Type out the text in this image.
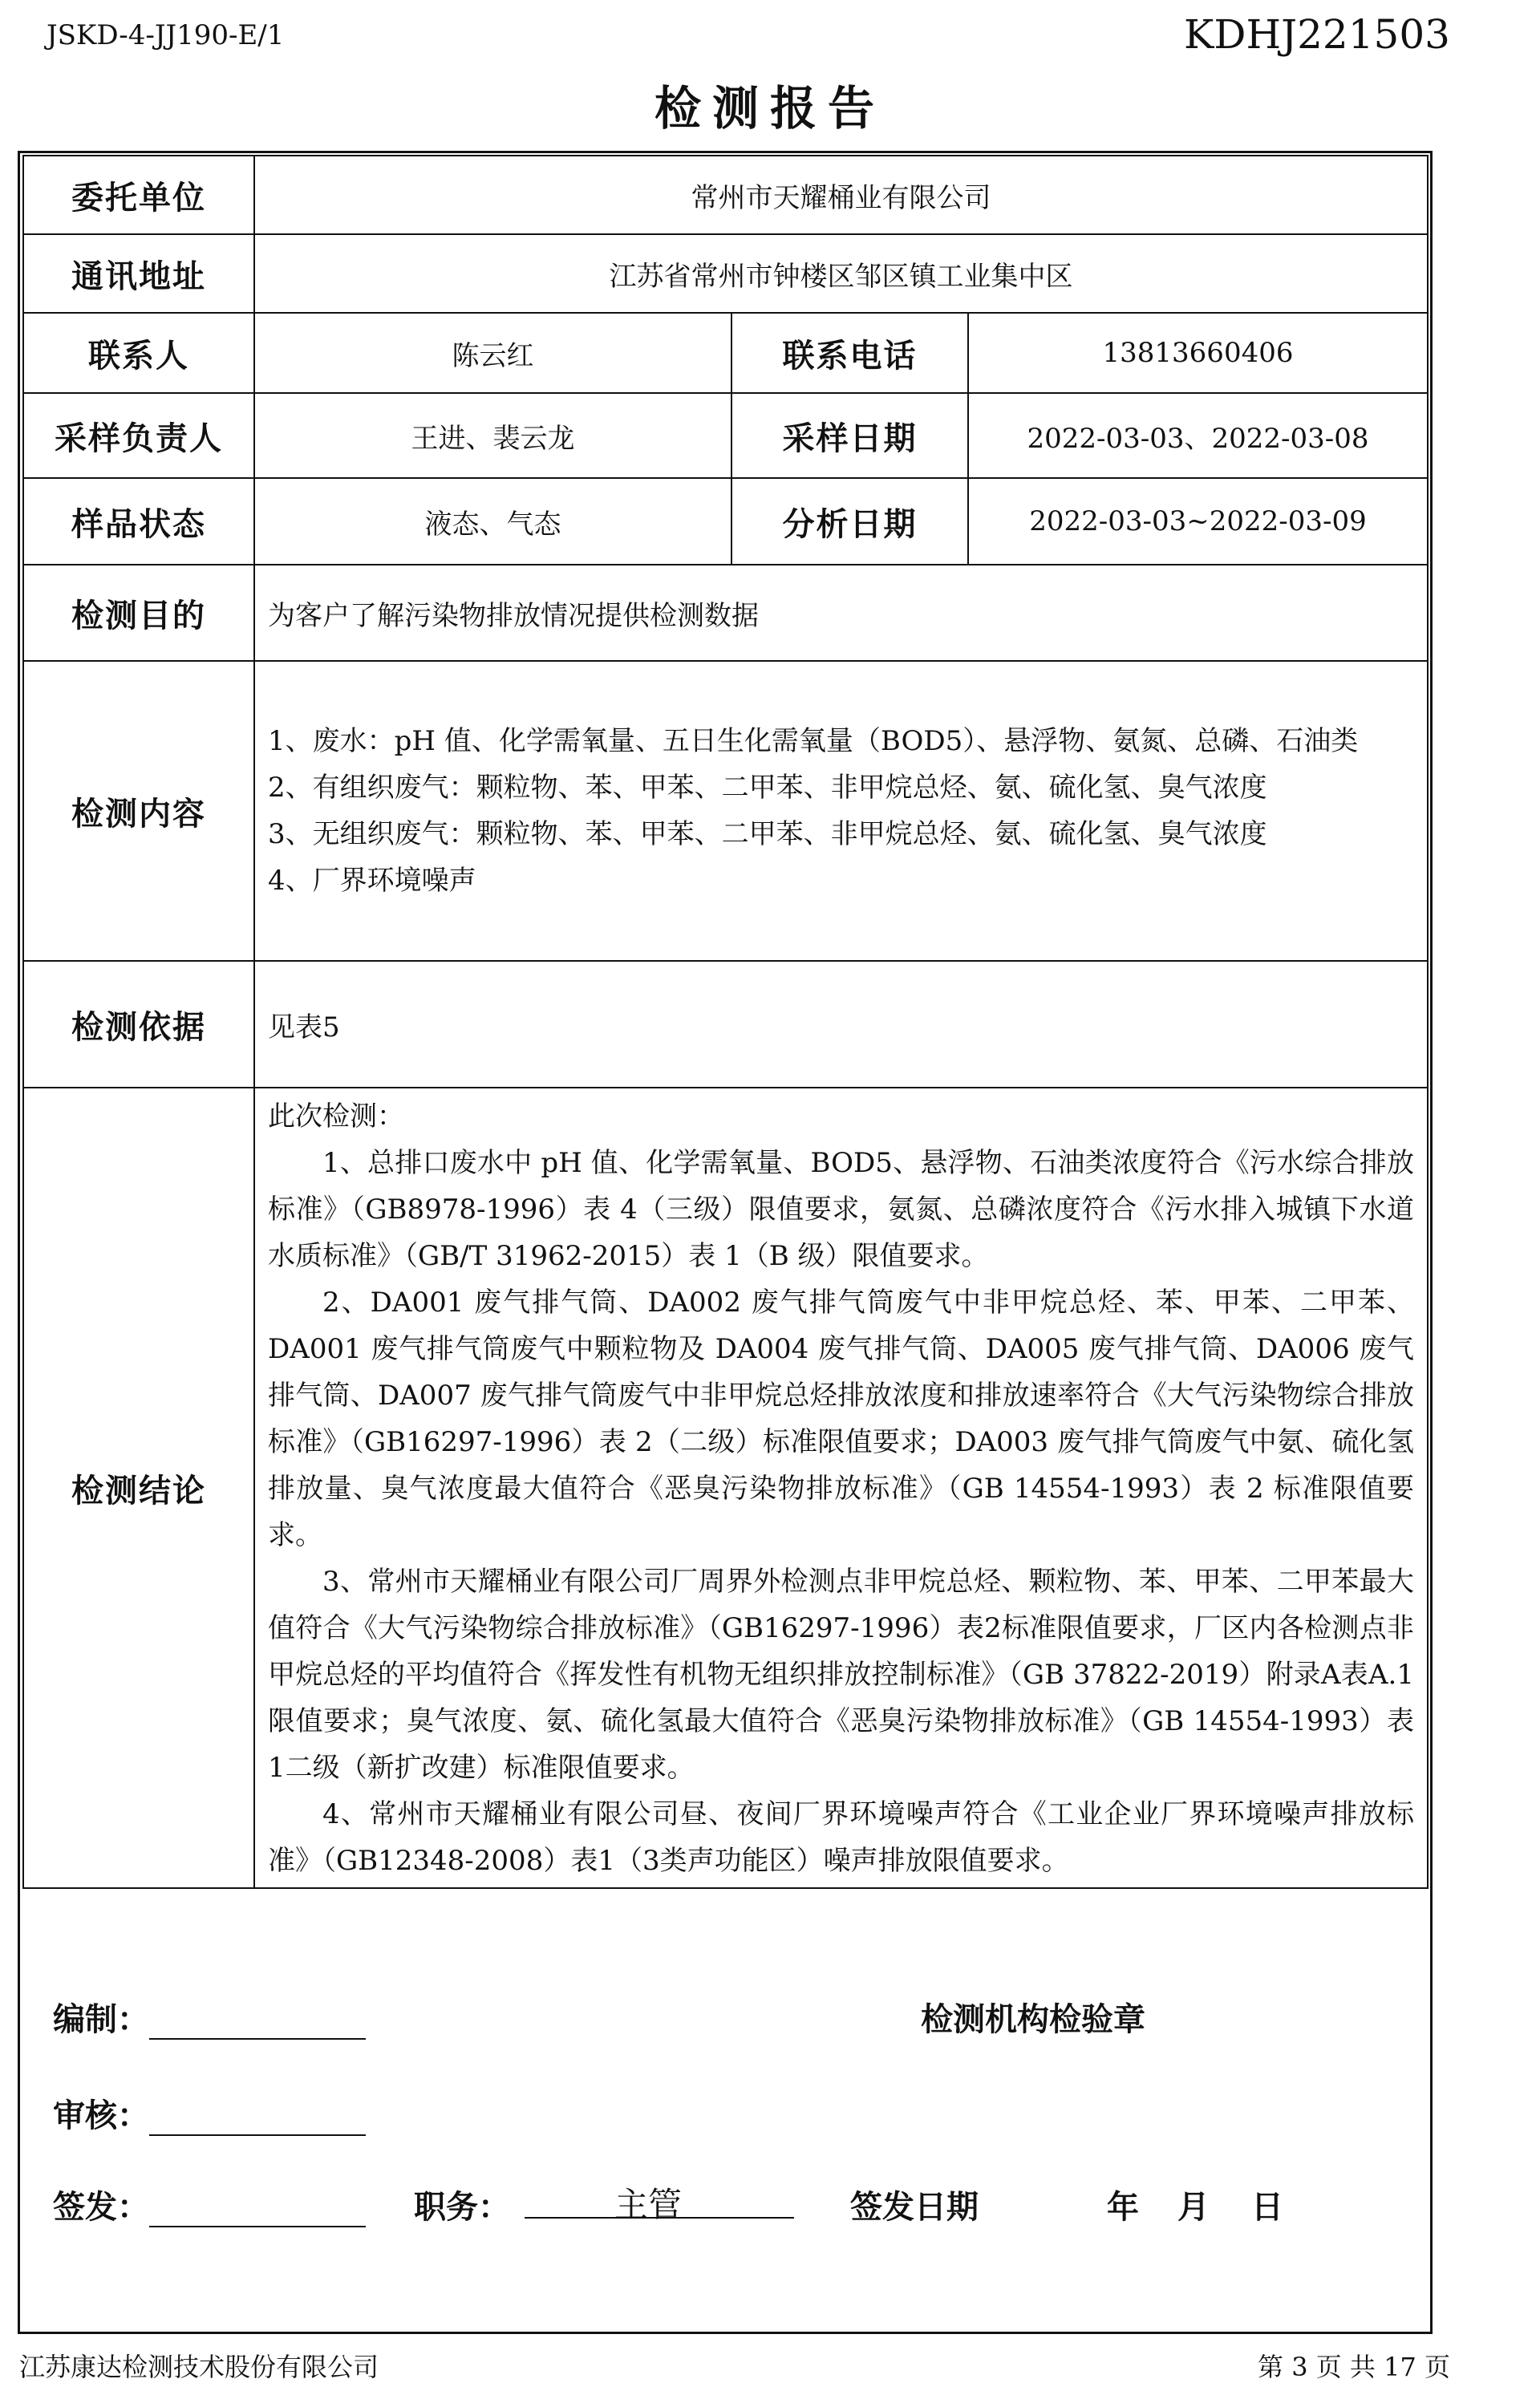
JSKD-4-JJ190-E/1	KDHJ221503
检测报告
委托单位	常州市天耀桶业有限公司		
通讯地址	江苏省常州市钟楼区邹区镇工业集中区		
联系人	陈云红	联系电话	13813660406
采样负责人	王进、裴云龙	采样日期	2022-03-03、2022-03-08
样品状态	液态、气态	分析日期	2022-03-03~2022-03-09
检测目的	为客户了解污染物排放情况提供检测数据		
检测内容	1、废水：pH 值、化学需氧量、五日生化需氧量（BOD5）、悬浮物、氨氮、总磷、石油类

2、有组织废气：颗粒物、苯、甲苯、二甲苯、非甲烷总烃、氨、硫化氢、臭气浓度

3、无组织废气：颗粒物、苯、甲苯、二甲苯、非甲烷总烃、氨、硫化氢、臭气浓度

4、厂界环境噪声		

检测依据	见表5		
检测结论	此次检测：

1、总排口废水中 pH 值、化学需氧量、BOD5、悬浮物、石油类浓度符合《污水综合排放标准》（GB8978-1996）表 4（三级）限值要求，氨氮、总磷浓度符合《污水排入城镇下水道水质标准》（GB/T 31962-2015）表 1（B 级）限值要求。

2、DA001 废气排气筒、DA002 废气排气筒废气中非甲烷总烃、苯、甲苯、二甲苯、DA001 废气排气筒废气中颗粒物及 DA004 废气排气筒、DA005 废气排气筒、DA006 废气排气筒、DA007 废气排气筒废气中非甲烷总烃排放浓度和排放速率符合《大气污染物综合排放标准》（GB16297-1996）表 2（二级）标准限值要求；DA003 废气排气筒废气中氨、硫化氢排放量、臭气浓度最大值符合《恶臭污染物排放标准》（GB 14554-1993）表 2 标准限值要求。

3、常州市天耀桶业有限公司厂周界外检测点非甲烷总烃、颗粒物、苯、甲苯、二甲苯最大值符合《大气污染物综合排放标准》（GB16297-1996）表2标准限值要求，厂区内各检测点非甲烷总烃的平均值符合《挥发性有机物无组织排放控制标准》（GB 37822-2019）附录A表A.1限值要求；臭气浓度、氨、硫化氢最大值符合《恶臭污染物排放标准》（GB 14554-1993）表1二级（新扩改建）标准限值要求。

4、常州市天耀桶业有限公司昼、夜间厂界环境噪声符合《工业企业厂界环境噪声排放标准》（GB12348-2008）表1（3类声功能区）噪声排放限值要求。		

编制：	检测机构检验章
审核：
签发：	职务：	主管	签发日期	年 月 日
江苏康达检测技术股份有限公司	第 3 页 共 17 页
